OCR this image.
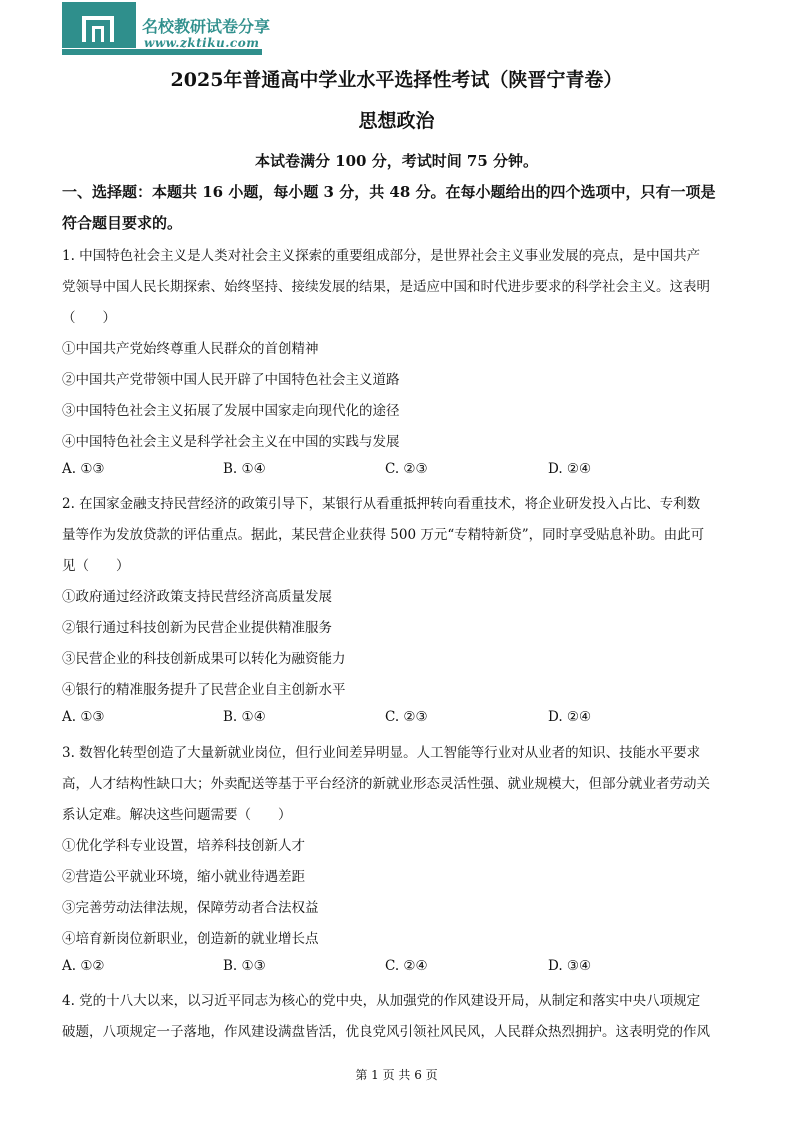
名校教研试卷分享
www.zktiku.com
2025年普通高中学业水平选择性考试（陕晋宁青卷）
思想政治
本试卷满分 100 分，考试时间 75 分钟。
一、选择题：本题共 16 小题，每小题 3 分，共 48 分。在每小题给出的四个选项中，只有一项是
符合题目要求的。
1. 中国特色社会主义是人类对社会主义探索的重要组成部分，是世界社会主义事业发展的亮点，是中国共产
党领导中国人民长期探索、始终坚持、接续发展的结果，是适应中国和时代进步要求的科学社会主义。这表明
（　　）
①中国共产党始终尊重人民群众的首创精神
②中国共产党带领中国人民开辟了中国特色社会主义道路
③中国特色社会主义拓展了发展中国家走向现代化的途径
④中国特色社会主义是科学社会主义在中国的实践与发展
A. ①③	B. ①④	C. ②③	D. ②④
2. 在国家金融支持民营经济的政策引导下，某银行从看重抵押转向看重技术，将企业研发投入占比、专利数
量等作为发放贷款的评估重点。据此，某民营企业获得 500 万元“专精特新贷”，同时享受贴息补助。由此可
见（　　）
①政府通过经济政策支持民营经济高质量发展
②银行通过科技创新为民营企业提供精准服务
③民营企业的科技创新成果可以转化为融资能力
④银行的精准服务提升了民营企业自主创新水平
A. ①③	B. ①④	C. ②③	D. ②④
3. 数智化转型创造了大量新就业岗位，但行业间差异明显。人工智能等行业对从业者的知识、技能水平要求
高，人才结构性缺口大；外卖配送等基于平台经济的新就业形态灵活性强、就业规模大，但部分就业者劳动关
系认定难。解决这些问题需要（　　）
①优化学科专业设置，培养科技创新人才
②营造公平就业环境，缩小就业待遇差距
③完善劳动法律法规，保障劳动者合法权益
④培育新岗位新职业，创造新的就业增长点
A. ①②	B. ①③	C. ②④	D. ③④
4. 党的十八大以来，以习近平同志为核心的党中央，从加强党的作风建设开局，从制定和落实中央八项规定
破题，八项规定一子落地，作风建设满盘皆活，优良党风引领社风民风，人民群众热烈拥护。这表明党的作风
第 1 页 共 6 页
